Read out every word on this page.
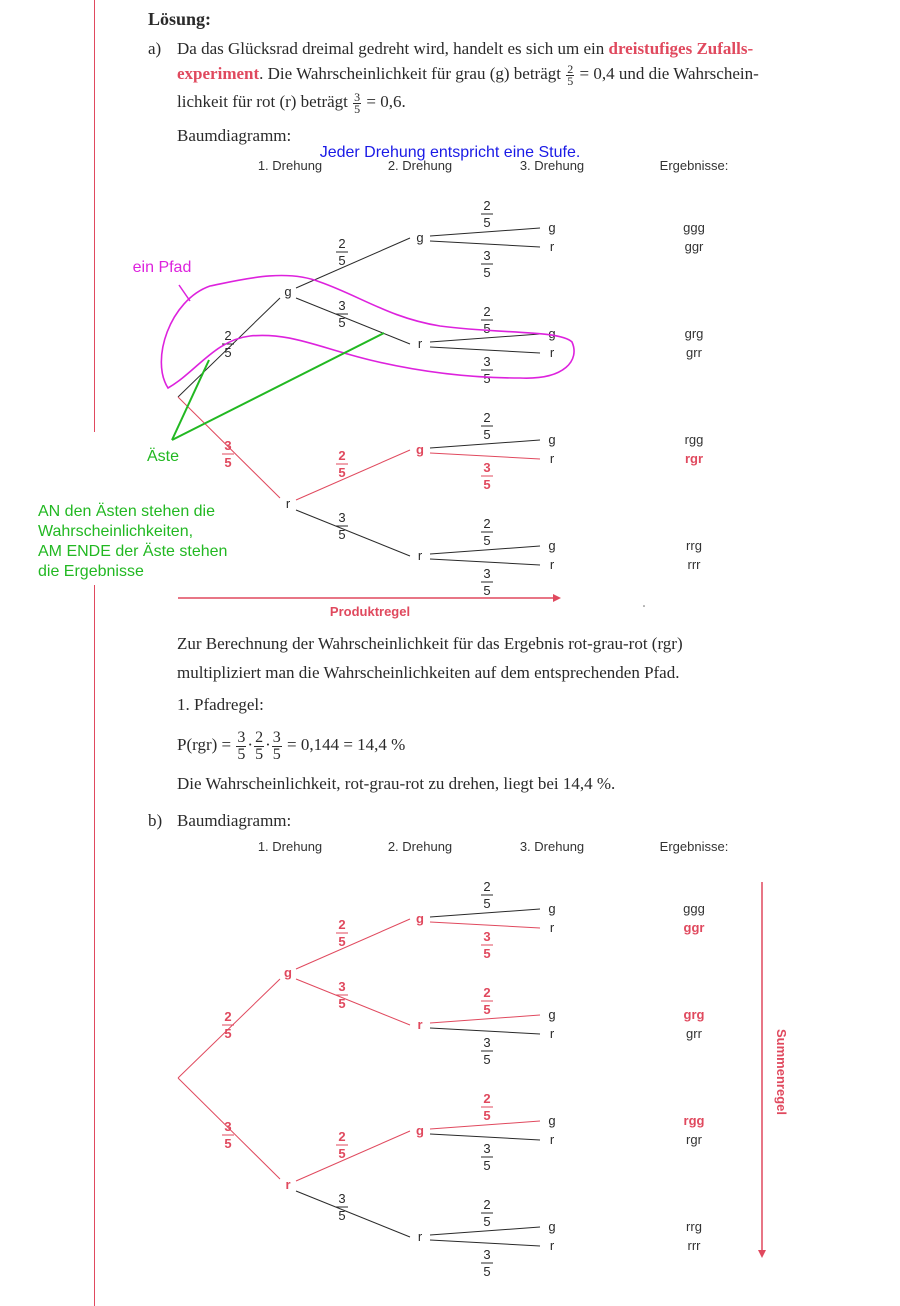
Lösung:
a) Da das Glücksrad dreimal gedreht wird, handelt es sich um ein dreistufiges Zufalls-
experiment. Die Wahrscheinlichkeit für grau (g) beträgt $\frac{2}{5} = 0,4$ und die Wahrschein-
lichkeit für rot (r) beträgt $\frac{3}{5} = 0,6$.
Baumdiagramm:
Zur Berechnung der Wahrscheinlichkeit für das Ergebnis rot-grau-rot (rgr)
multipliziert man die Wahrscheinlichkeiten auf dem entsprechenden Pfad.
1. Pfadregel:
$P(rgr) = \frac{3}{5} \cdot \frac{2}{5} \cdot \frac{3}{5} = 0,144 = 14,4$ %
Die Wahrscheinlichkeit, rot-grau-rot zu drehen, liegt bei 14,4 %.
b) Baumdiagramm:
1. Drehung	2. Drehung	3. Drehung	Ergebnisse:
2
5
g
3
5
r
2
5
g
2
5	g	ggg
3
5
r	ggr
3
5
r
2
5	g	grg
3
5
r	grr
2
5
g
2
5	g	rgg
3
5
r	rgr
3
5
r
2
5	g	rrg
3
5
r	rrr
Jeder Drehung entspricht eine Stufe.
ein Pfad
Äste
AN den Ästen stehen die
Wahrscheinlichkeiten,
AM ENDE der Äste stehen
die Ergebnisse
Produktregel
1. Drehung	2. Drehung	3. Drehung	Ergebnisse:
2
5
g
3
5
r
2
5
g
2
5	g	ggg
3
5
r	ggr
3
5
r
2
5	g	grg
3
5
r	grr
2
5
g
2
5	g	rgg
3
5
r	rgr
3
5
r
2
5	g	rrg
3
5
r	rrr
Summenregel
